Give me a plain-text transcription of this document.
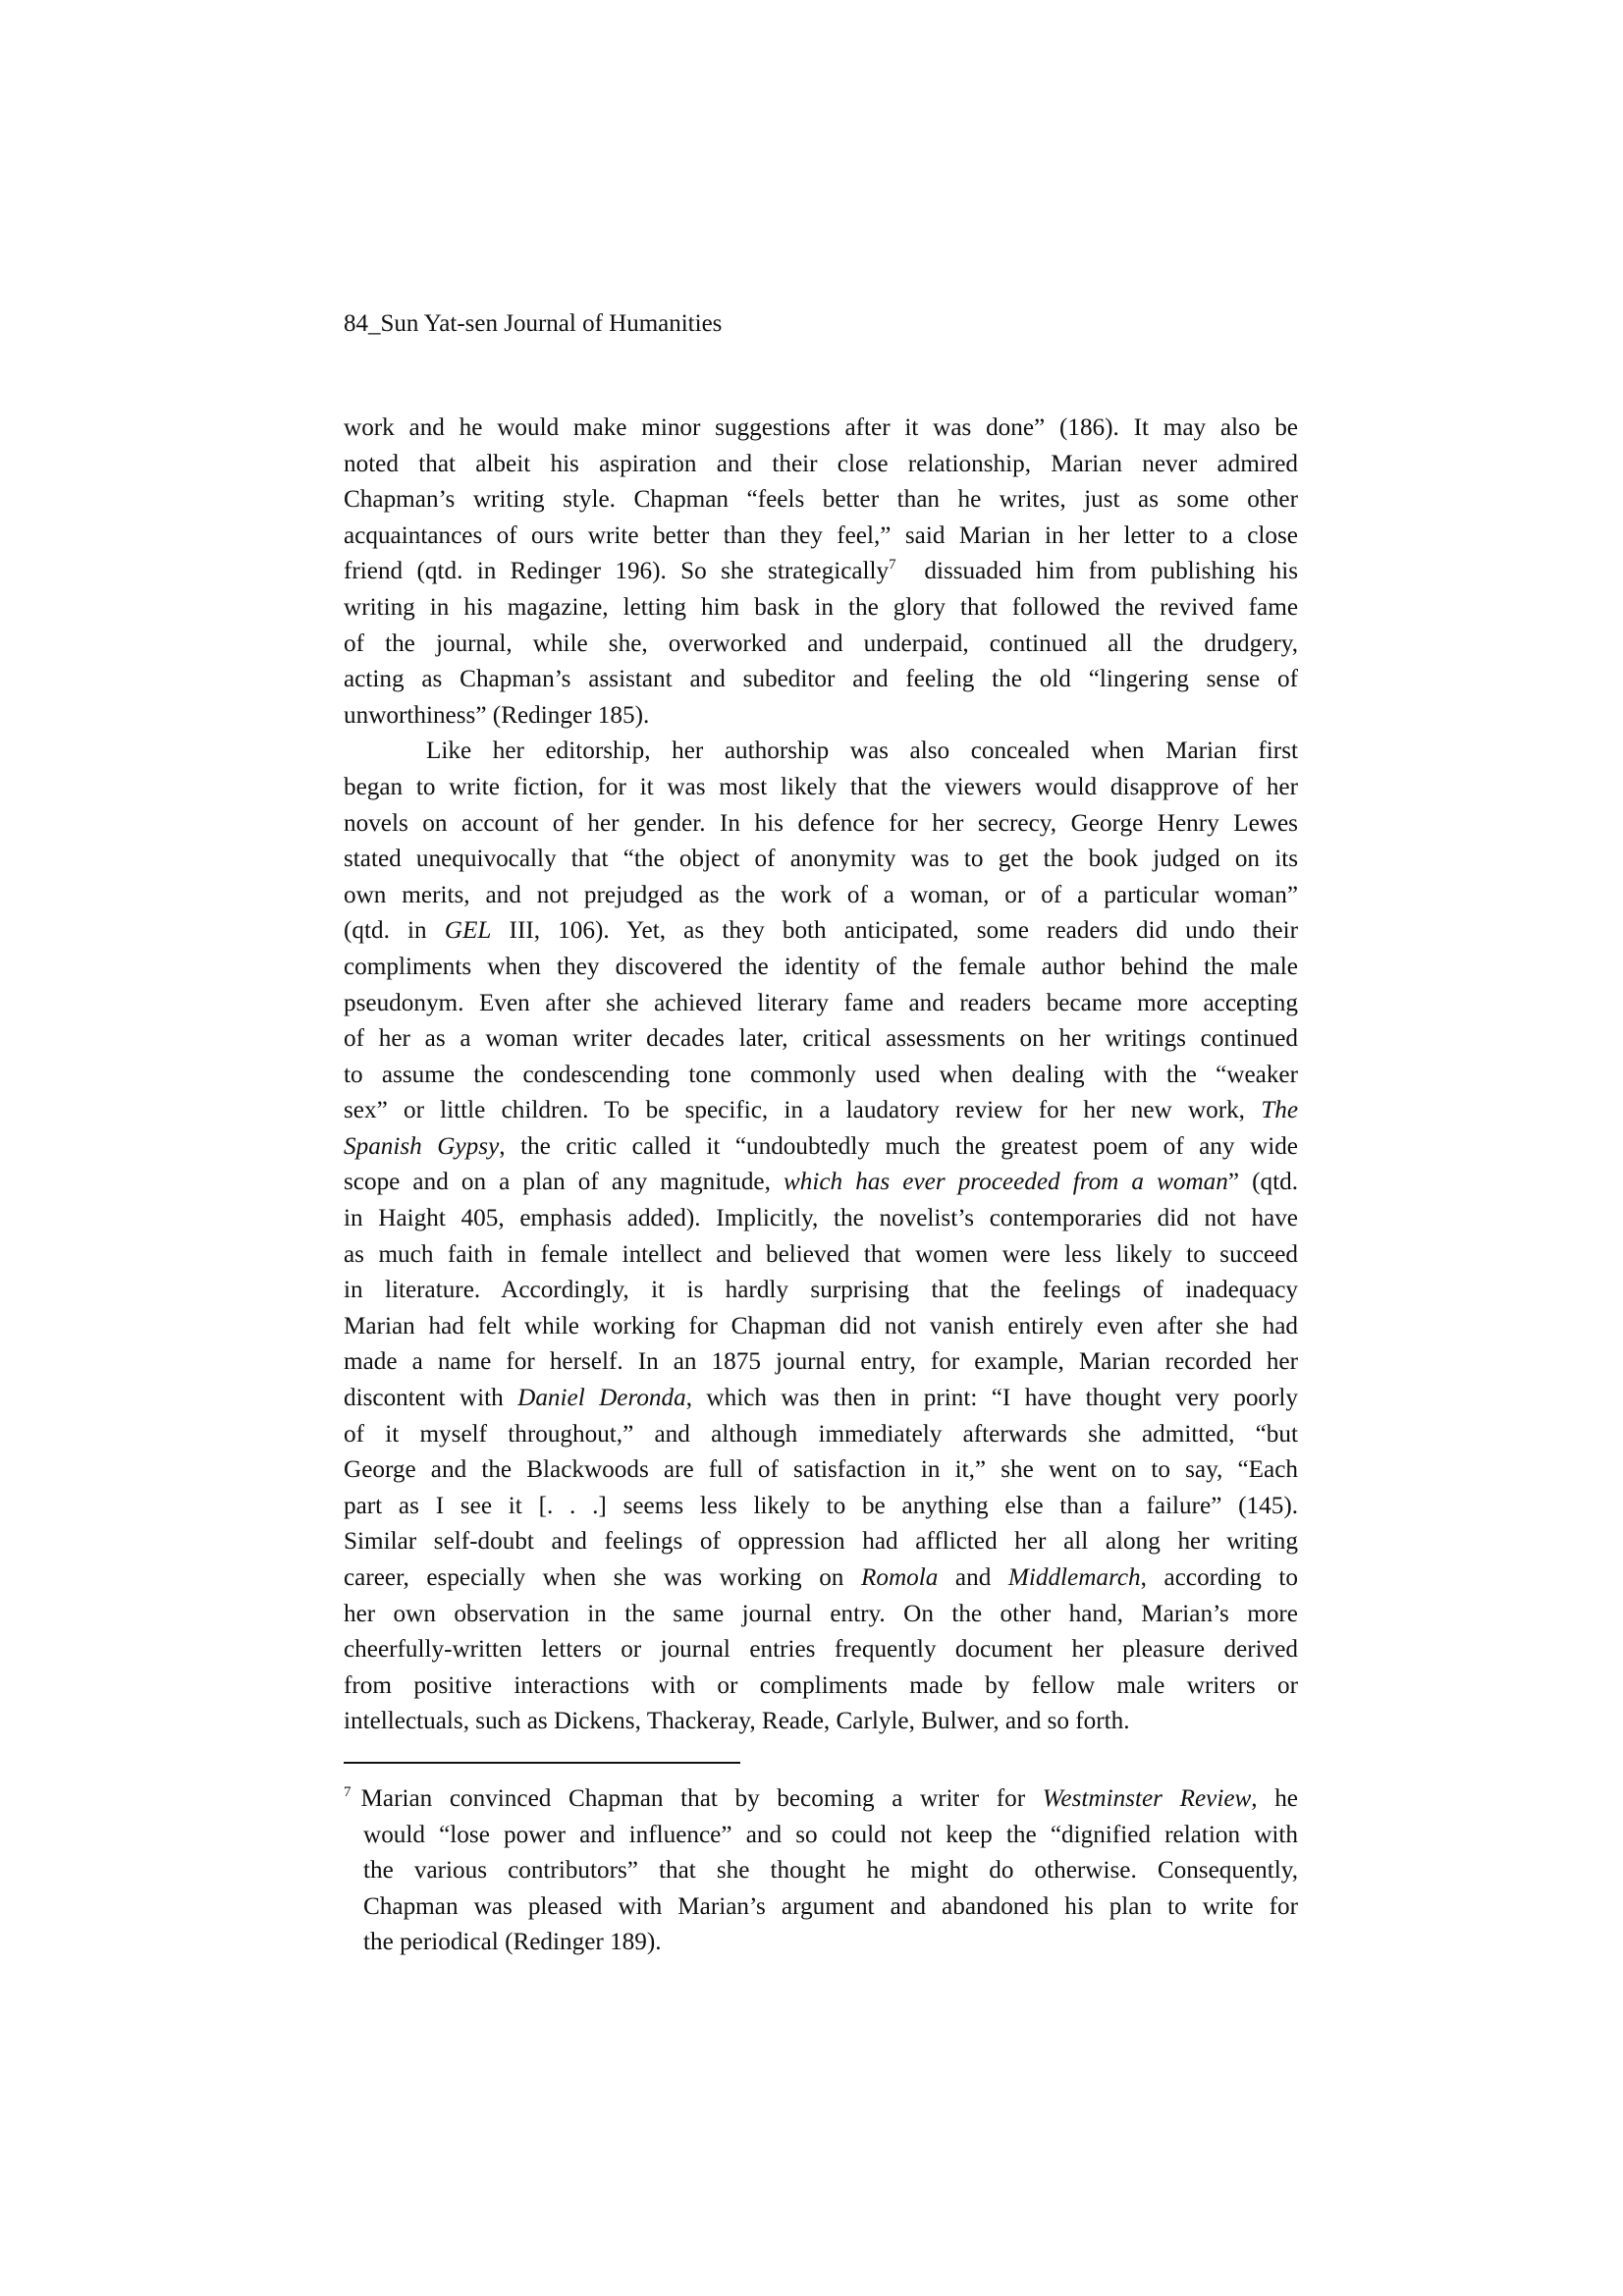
84_Sun Yat-sen Journal of Humanities
work and he would make minor suggestions after it was done” (186). It may also be
noted that albeit his aspiration and their close relationship, Marian never admired
Chapman’s writing style. Chapman “feels better than he writes, just as some other
acquaintances of ours write better than they feel,” said Marian in her letter to a close
friend (qtd. in Redinger 196). So she strategically$^7$  dissuaded him from publishing his
writing in his magazine, letting him bask in the glory that followed the revived fame
of the journal, while she, overworked and underpaid, continued all the drudgery,
acting as Chapman’s assistant and subeditor and feeling the old “lingering sense of
unworthiness” (Redinger 185).
Like her editorship, her authorship was also concealed when Marian first
began to write fiction, for it was most likely that the viewers would disapprove of her
novels on account of her gender. In his defence for her secrecy, George Henry Lewes
stated unequivocally that “the object of anonymity was to get the book judged on its
own merits, and not prejudged as the work of a woman, or of a particular woman”
(qtd. in GEL III, 106). Yet, as they both anticipated, some readers did undo their
compliments when they discovered the identity of the female author behind the male
pseudonym. Even after she achieved literary fame and readers became more accepting
of her as a woman writer decades later, critical assessments on her writings continued
to assume the condescending tone commonly used when dealing with the “weaker
sex” or little children. To be specific, in a laudatory review for her new work, The
Spanish Gypsy, the critic called it “undoubtedly much the greatest poem of any wide
scope and on a plan of any magnitude, which has ever proceeded from a woman” (qtd.
in Haight 405, emphasis added). Implicitly, the novelist’s contemporaries did not have
as much faith in female intellect and believed that women were less likely to succeed
in literature. Accordingly, it is hardly surprising that the feelings of inadequacy
Marian had felt while working for Chapman did not vanish entirely even after she had
made a name for herself. In an 1875 journal entry, for example, Marian recorded her
discontent with Daniel Deronda, which was then in print: “I have thought very poorly
of it myself throughout,” and although immediately afterwards she admitted, “but
George and the Blackwoods are full of satisfaction in it,” she went on to say, “Each
part as I see it [. . .] seems less likely to be anything else than a failure” (145).
Similar self-doubt and feelings of oppression had afflicted her all along her writing
career, especially when she was working on Romola and Middlemarch, according to
her own observation in the same journal entry. On the other hand, Marian’s more
cheerfully-written letters or journal entries frequently document her pleasure derived
from positive interactions with or compliments made by fellow male writers or
intellectuals, such as Dickens, Thackeray, Reade, Carlyle, Bulwer, and so forth.
$^7$ Marian convinced Chapman that by becoming a writer for Westminster Review, he
would “lose power and influence” and so could not keep the “dignified relation with
the various contributors” that she thought he might do otherwise. Consequently,
Chapman was pleased with Marian’s argument and abandoned his plan to write for
the periodical (Redinger 189).
